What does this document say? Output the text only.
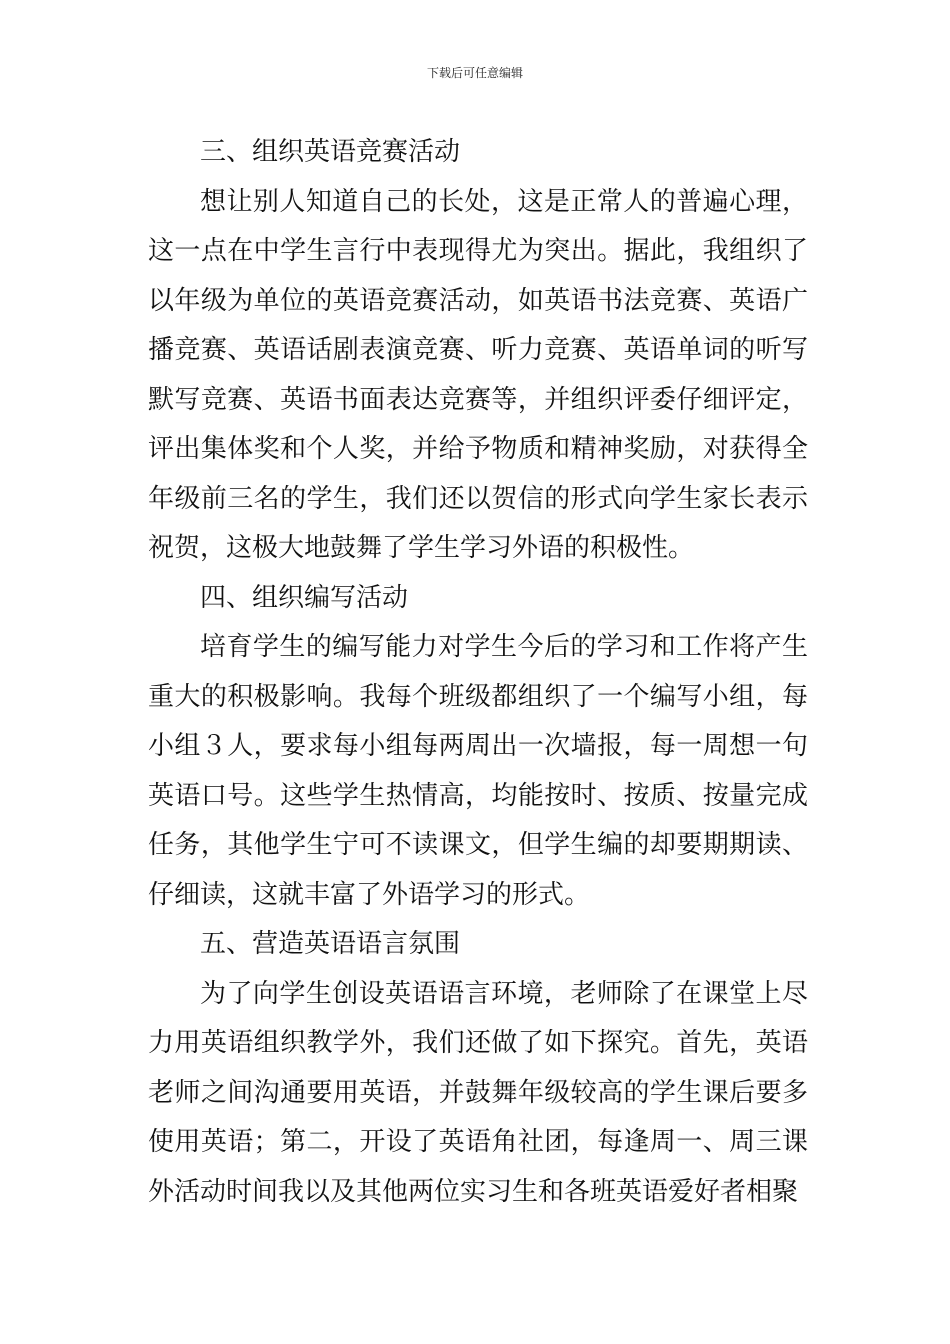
下载后可任意编辑

三、组织英语竞赛活动

想让别人知道自己的长处，这是正常人的普遍心理，这一点在中学生言行中表现得尤为突出。据此，我组织了以年级为单位的英语竞赛活动，如英语书法竞赛、英语广播竞赛、英语话剧表演竞赛、听力竞赛、英语单词的听写默写竞赛、英语书面表达竞赛等，并组织评委仔细评定，评出集体奖和个人奖，并给予物质和精神奖励，对获得全年级前三名的学生，我们还以贺信的形式向学生家长表示祝贺，这极大地鼓舞了学生学习外语的积极性。

四、组织编写活动

培育学生的编写能力对学生今后的学习和工作将产生重大的积极影响。我每个班级都组织了一个编写小组，每小组３人，要求每小组每两周出一次墙报，每一周想一句英语口号。这些学生热情高，均能按时、按质、按量完成任务，其他学生宁可不读课文，但学生编的却要期期读、仔细读，这就丰富了外语学习的形式。

五、营造英语语言氛围

为了向学生创设英语语言环境，老师除了在课堂上尽力用英语组织教学外，我们还做了如下探究。首先，英语老师之间沟通要用英语，并鼓舞年级较高的学生课后要多使用英语；第二，开设了英语角社团，每逢周一、周三课外活动时间我以及其他两位实习生和各班英语爱好者相聚
